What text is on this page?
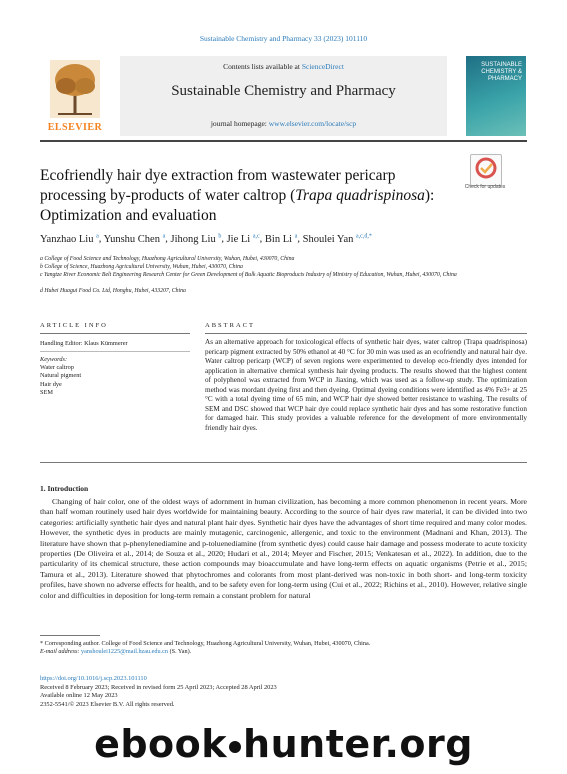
Sustainable Chemistry and Pharmacy 33 (2023) 101110
ELSEVIER
Contents lists available at ScienceDirect
Sustainable Chemistry and Pharmacy
journal homepage: www.elsevier.com/locate/scp
SUSTAINABLE CHEMISTRY & PHARMACY
Ecofriendly hair dye extraction from wastewater pericarp processing by-products of water caltrop (Trapa quadrispinosa): Optimization and evaluation
Check for updates
Yanzhao Liu $^a$, Yunshu Chen $^a$, Jihong Liu $^b$, Jie Li $^{a,c}$, Bin Li $^a$, Shoulei Yan $^{a,c,d,*}$
a College of Food Science and Technology, Huazhong Agricultural University, Wuhan, Hubei, 430070, China
b College of Science, Huazhong Agricultural University, Wuhan, Hubei, 430070, China
c Yangtze River Economic Belt Engineering Research Center for Green Development of Bulk Aquatic Bioproducts Industry of Ministry of Education, Wuhan, Hubei, 430070, China
d Hubei Huagui Food Co. Ltd, Honghu, Hubei, 433207, China
ARTICLE INFO	ABSTRACT
Handling Editor: Klaus Kümmerer
Keywords:
Water caltrop
Natural pigment
Hair dye
SEM
As an alternative approach for toxicological effects of synthetic hair dyes, water caltrop (Trapa quadrispinosa) pericarp pigment extracted by 50% ethanol at 40 °C for 30 min was used as an ecofriendly and natural hair dye. Water caltrop pericarp (WCP) of seven regions were experimented to develop eco-friendly dyes intended for application in alternative chemical synthesis hair dyeing products. The results showed that the highest content of polyphenol was extracted from WCP in Jiaxing, which was used as a follow-up study. The optimization method was mordant dyeing first and then dyeing. Optimal dyeing conditions were identified as 4% Fe3+ at 25 °C with a total dyeing time of 65 min, and WCP hair dye showed better resistance to washing. The results of SEM and DSC showed that WCP hair dye could replace synthetic hair dyes and has some restorative function for damaged hair. This study provides a valuable reference for the development of more environmentally friendly hair dyes.
1. Introduction
Changing of hair color, one of the oldest ways of adornment in human civilization, has becoming a more common phenomenon in recent years. More than half woman routinely used hair dyes worldwide for maintaining beauty. According to the source of hair dyes raw material, it can be divided into two categories: artificially synthetic hair dyes and natural plant hair dyes. Synthetic hair dyes have the advantages of short time required and many color modes. However, the synthetic dyes in products are mainly mutagenic, carcinogenic, allergenic, and toxic to the environment (Madnani and Khan, 2013). The literature have shown that p-phenylenediamine and p-toluenediamine (from synthetic dyes) could cause hair damage and possess moderate to acute toxicity properties (De Oliveira et al., 2014; de Souza et al., 2020; Hudari et al., 2014; Meyer and Fischer, 2015; Venkatesan et al., 2022). In addition, due to the particularity of its chemical structure, these action compounds may bioaccumulate and have long-term effects on aquatic organisms (Petrie et al., 2015; Tamura et al., 2013). Literature showed that phytochromes and colorants from most plant-derived was non-toxic in both short- and long-term toxicity profiles, have shown no adverse effects for health, and to be safety even for long-term using (Cui et al., 2022; Richins et al., 2010). However, relative single color and difficulties in deposition for long-term remain a constant problem for natural
* Corresponding author. College of Food Science and Technology, Huazhong Agricultural University, Wuhan, Hubei, 430070, China.
E-mail address: yanshoulei1225@mail.hzau.edu.cn (S. Yan).
https://doi.org/10.1016/j.scp.2023.101110
Received 8 February 2023; Received in revised form 25 April 2023; Accepted 28 April 2023
Available online 12 May 2023
2352-5541/© 2023 Elsevier B.V. All rights reserved.
ebook hunter.org
